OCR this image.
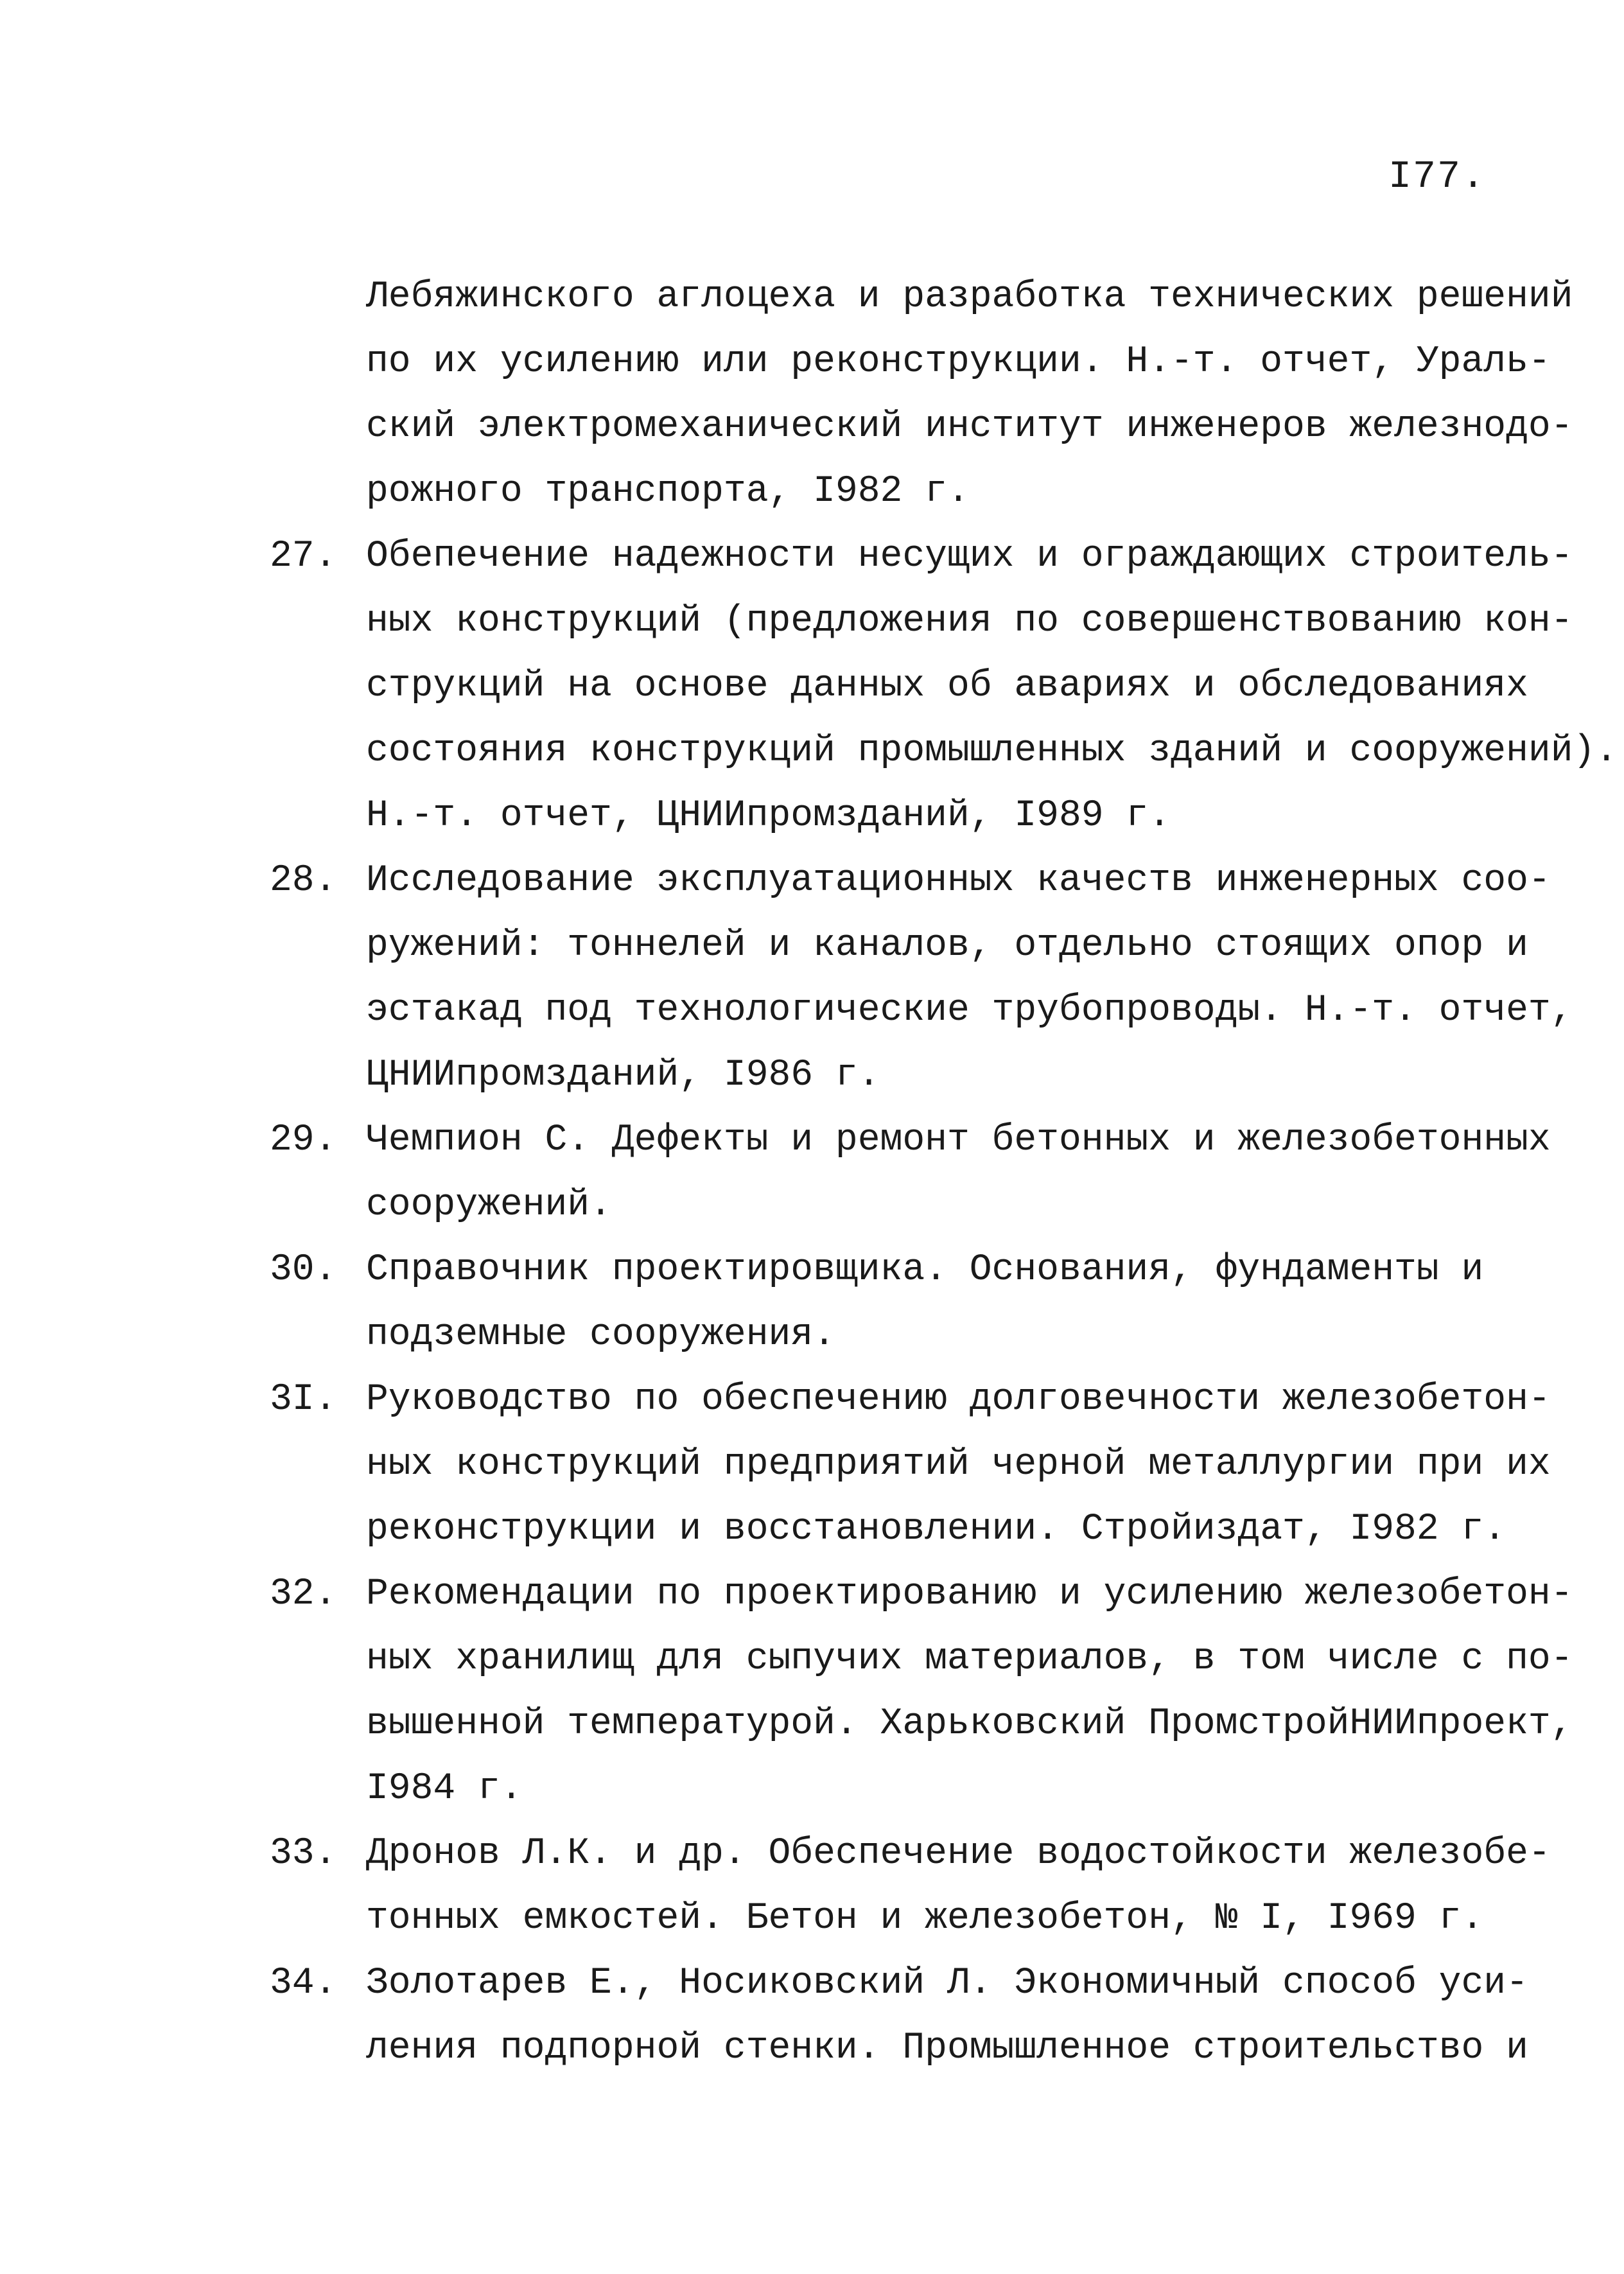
I77.
Лебяжинского аглоцеха и разработка технических решений
по их усилению или реконструкции. Н.-т. отчет, Ураль-
ский электромеханический институт инженеров железнодо-
рожного транспорта, I982 г.
27. Обепечение надежности несущих и ограждающих строитель-
ных конструкций (предложения по совершенствованию кон-
струкций на основе данных об авариях и обследованиях
состояния конструкций промышленных зданий и сооружений).
Н.-т. отчет, ЦНИИпромзданий, I989 г.
28. Исследование эксплуатационных качеств инженерных соо-
ружений: тоннелей и каналов, отдельно стоящих опор и
эстакад под технологические трубопроводы. Н.-т. отчет,
ЦНИИпромзданий, I986 г.
29. Чемпион С. Дефекты и ремонт бетонных и железобетонных
сооружений.
30. Справочник проектировщика. Основания, фундаменты и
подземные сооружения.
3I. Руководство по обеспечению долговечности железобетон-
ных конструкций предприятий черной металлургии при их
реконструкции и восстановлении. Стройиздат, I982 г.
32. Рекомендации по проектированию и усилению железобетон-
ных хранилищ для сыпучих материалов, в том числе с по-
вышенной температурой. Харьковский ПромстройНИИпроект,
I984 г.
33. Дронов Л.К. и др. Обеспечение водостойкости железобе-
тонных емкостей. Бетон и железобетон, № I, I969 г.
34. Золотарев Е., Носиковский Л. Экономичный способ уси-
ления подпорной стенки. Промышленное строительство и
